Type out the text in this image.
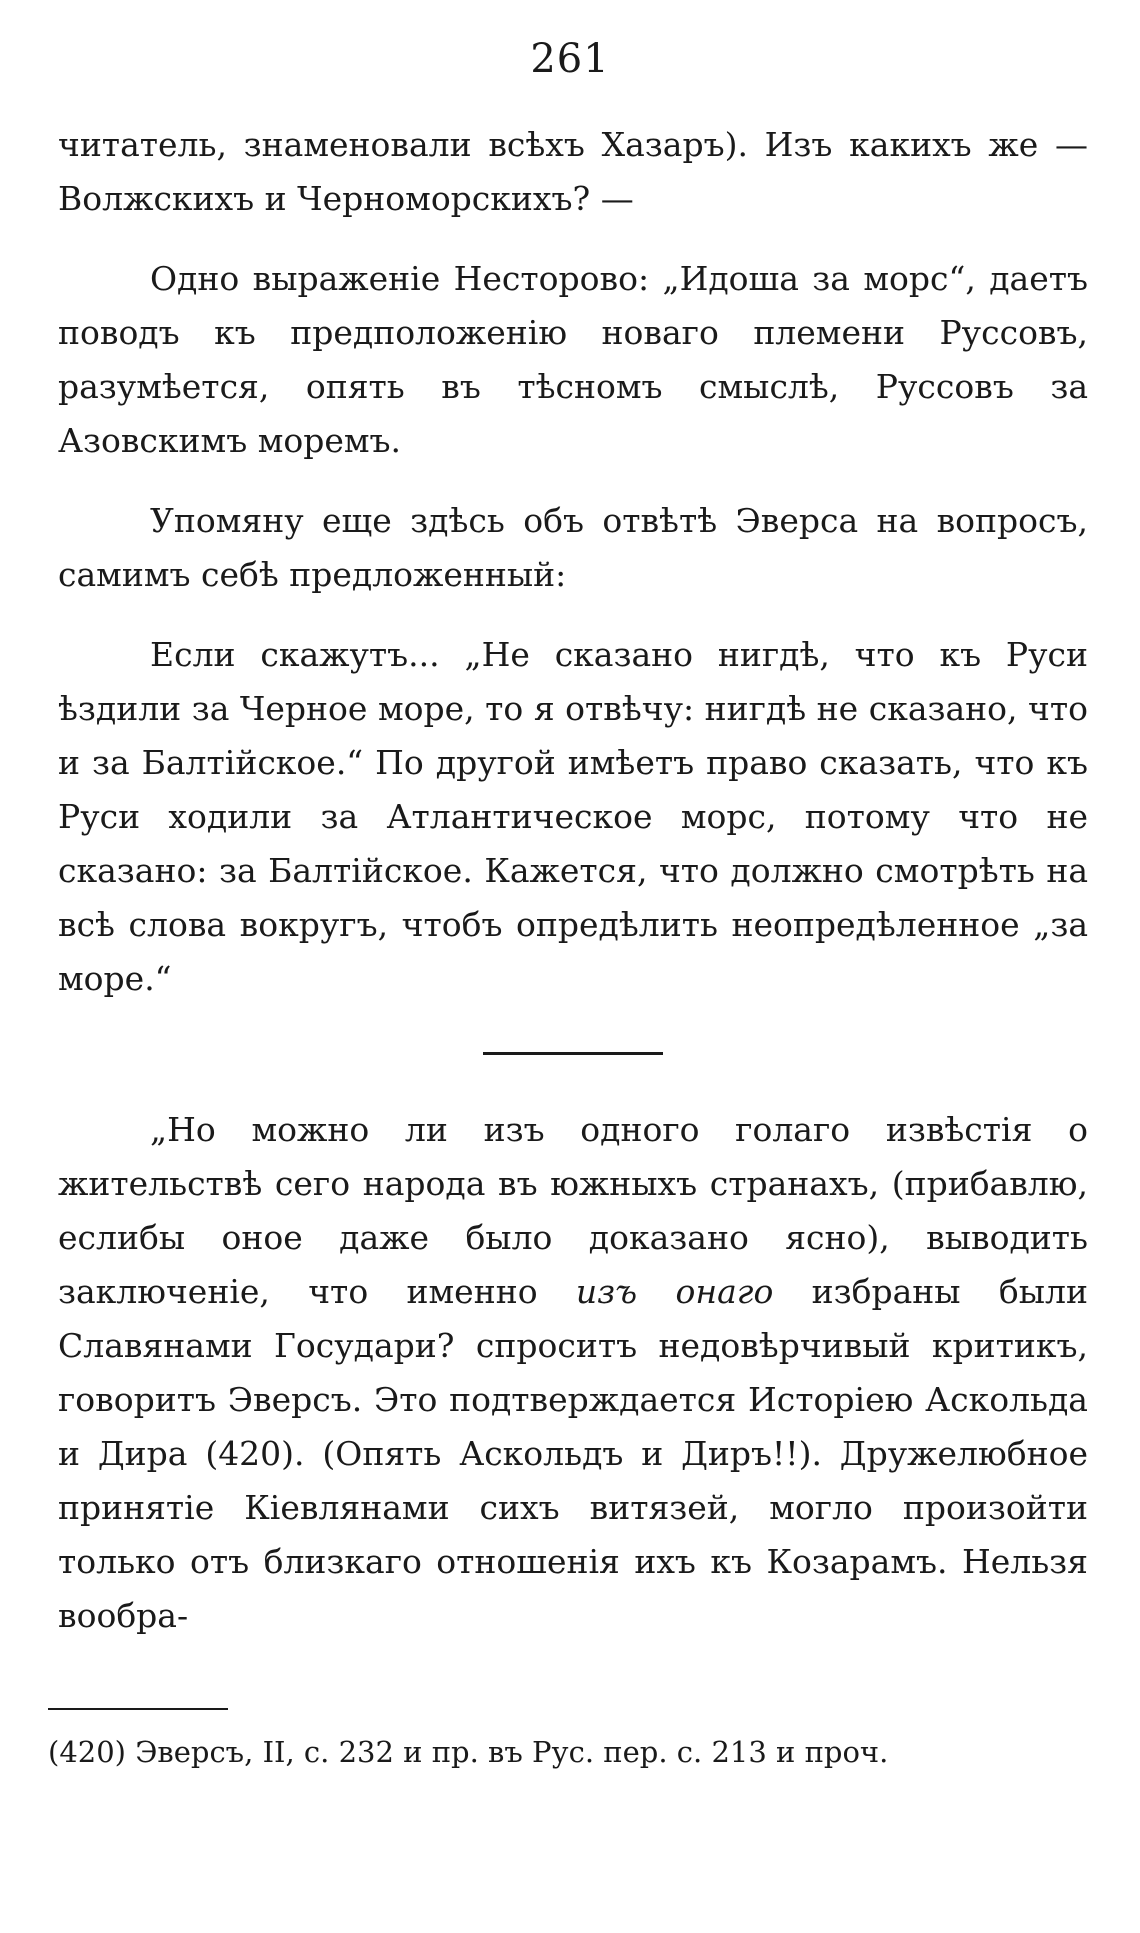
261

читатель, знаменовали всѣхъ Хазаръ). Изъ какихъ же — Волжскихъ и Черноморскихъ? —

Одно выраженіе Несторово: „Идоша за морс“, даетъ поводъ къ предположенію новаго племени Руссовъ, разумѣется, опять въ тѣсномъ смыслѣ, Руссовъ за Азовскимъ моремъ.

Упомяну еще здѣсь объ отвѣтѣ Эверса на вопросъ, самимъ себѣ предложенный:

Если скажутъ... „Не сказано нигдѣ, что къ Руси ѣздили за Черное море, то я отвѣчу: нигдѣ не сказано, что и за Балтійское.“ По другой имѣетъ право сказать, что къ Руси ходили за Атлантическое морс, потому что не сказано: за Балтійское. Кажется, что должно смотрѣть на всѣ слова вокругъ, чтобъ опредѣлить неопредѣленное „за море.“

„Но можно ли изъ одного голаго извѣстія о жительствѣ сего народа въ южныхъ странахъ, (прибавлю, еслибы оное даже было доказано ясно), выводить заключеніе, что именно изъ онаго избраны были Славянами Государи? спроситъ недовѣрчивый критикъ, говоритъ Эверсъ. Это подтверждается Исторіею Аскольда и Дира (420). (Опять Аскольдъ и Диръ!!). Дружелюбное принятіе Кіевлянами сихъ витязей, могло произойти только отъ близкаго отношенія ихъ къ Козарамъ. Нельзя вообра-

(420) Эверсъ, II, с. 232 и пр. въ Рус. пер. с. 213 и проч.
